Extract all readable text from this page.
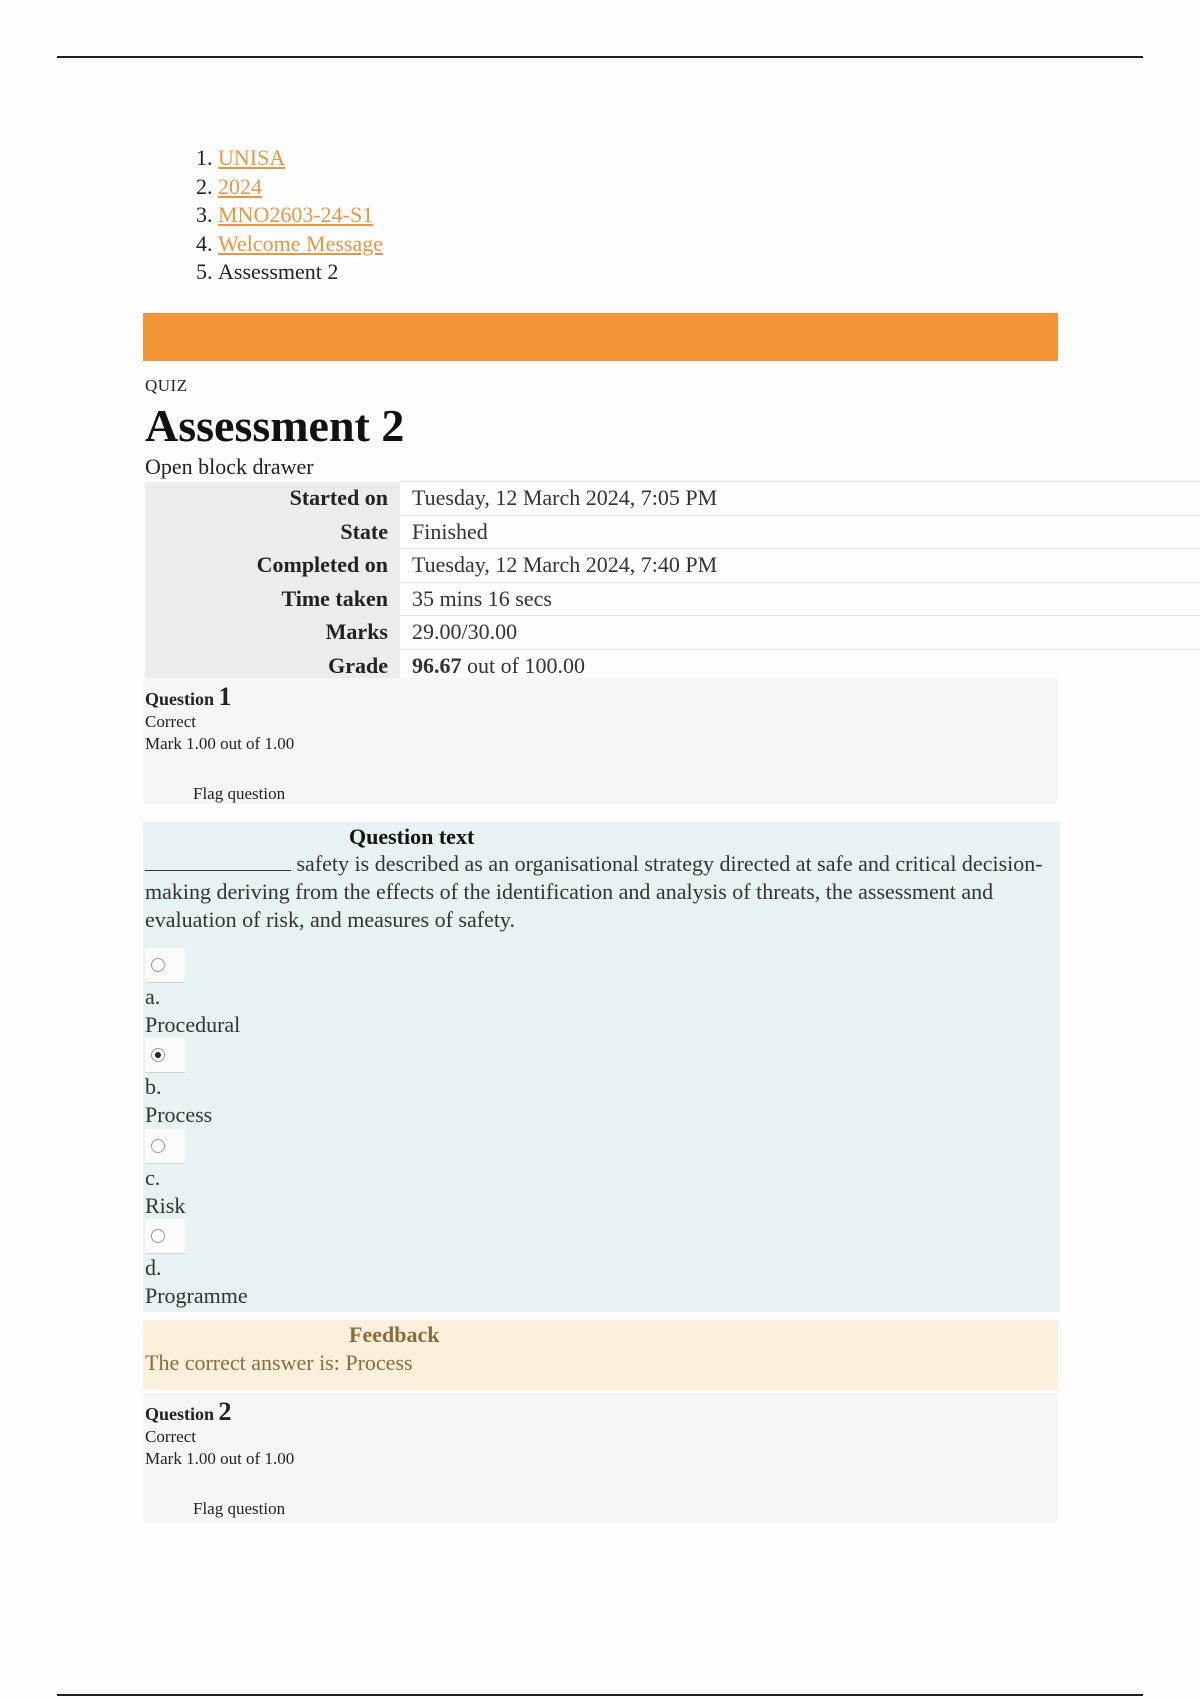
1. UNISA
2. 2024
3. MNO2603-24-S1
4. Welcome Message
5. Assessment 2
QUIZ
Assessment 2
Open block drawer
Started on	Tuesday, 12 March 2024, 7:05 PM
State	Finished
Completed on	Tuesday, 12 March 2024, 7:40 PM
Time taken	35 mins 16 secs
Marks	29.00/30.00
Grade	96.67 out of 100.00
Question 1
Correct
Mark 1.00 out of 1.00
Flag question
Question text
safety is described as an organisational strategy directed at safe and critical decision-making deriving from the effects of the identification and analysis of threats, the assessment and evaluation of risk, and measures of safety.
a.
Procedural
b.
Process
c.
Risk
d.
Programme
Feedback
The correct answer is: Process
Question 2
Correct
Mark 1.00 out of 1.00
Flag question
